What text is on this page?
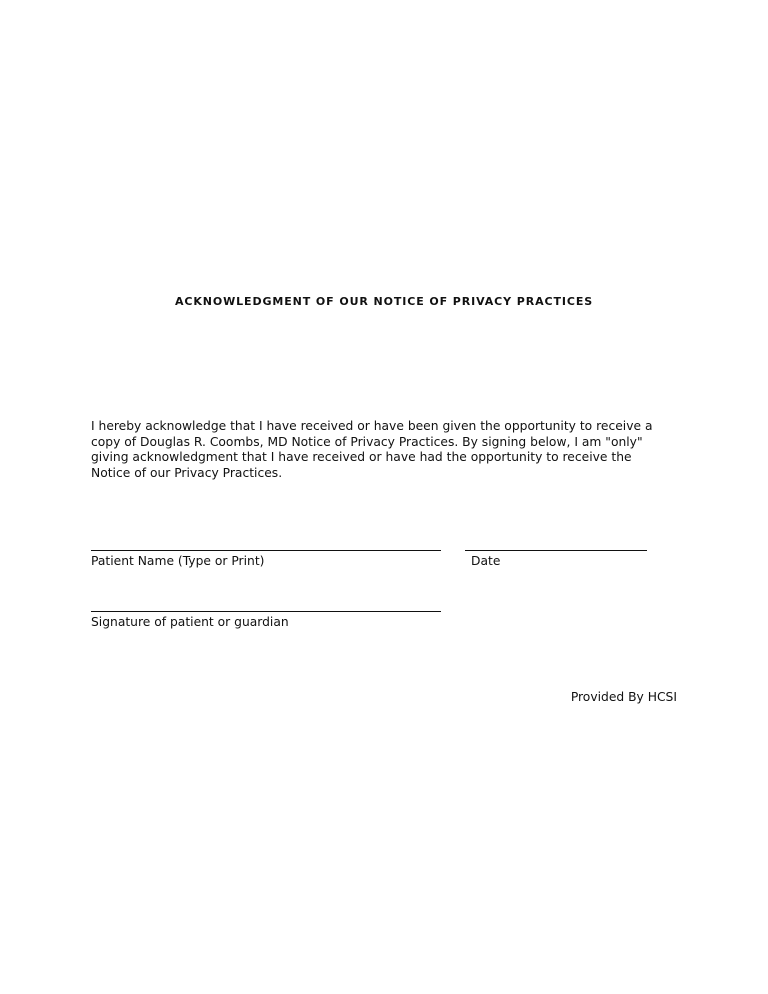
ACKNOWLEDGMENT OF OUR NOTICE OF PRIVACY PRACTICES
I hereby acknowledge that I have received or have been given the opportunity to receive a
copy of Douglas R. Coombs, MD Notice of Privacy Practices. By signing below, I am "only"
giving acknowledgment that I have received or have had the opportunity to receive the
Notice of our Privacy Practices.
Patient Name (Type or Print)	Date
Signature of patient or guardian
Provided By HCSI
